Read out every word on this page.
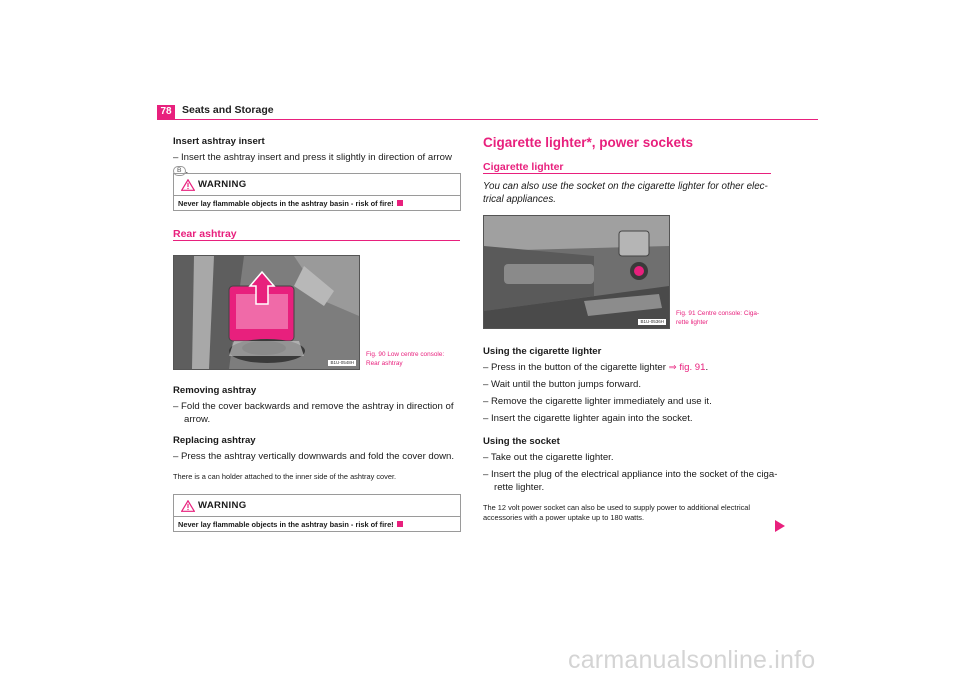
78 Seats and Storage
Insert ashtray insert
– Insert the ashtray insert and press it slightly in direction of arrow B .
WARNING
Never lay flammable objects in the ashtray basin - risk of fire!
Rear ashtray
B1U-0548H
Fig. 90 Low centre console:
Rear ashtray
Removing ashtray
– Fold the cover backwards and remove the ashtray in direction of
arrow.
Replacing ashtray
– Press the ashtray vertically downwards and fold the cover down.
There is a can holder attached to the inner side of the ashtray cover.
WARNING
Never lay flammable objects in the ashtray basin - risk of fire!
Cigarette lighter*, power sockets
Cigarette lighter
You can also use the socket on the cigarette lighter for other elec-
trical appliances.
B1U-0536H
Fig. 91 Centre console: Ciga-
rette lighter
Using the cigarette lighter
– Press in the button of the cigarette lighter ⇒ fig. 91.
– Wait until the button jumps forward.
– Remove the cigarette lighter immediately and use it.
– Insert the cigarette lighter again into the socket.
Using the socket
– Take out the cigarette lighter.
– Insert the plug of the electrical appliance into the socket of the ciga-
rette lighter.
The 12 volt power socket can also be used to supply power to additional electrical
accessories with a power uptake up to 180 watts.
carmanualsonline.info
